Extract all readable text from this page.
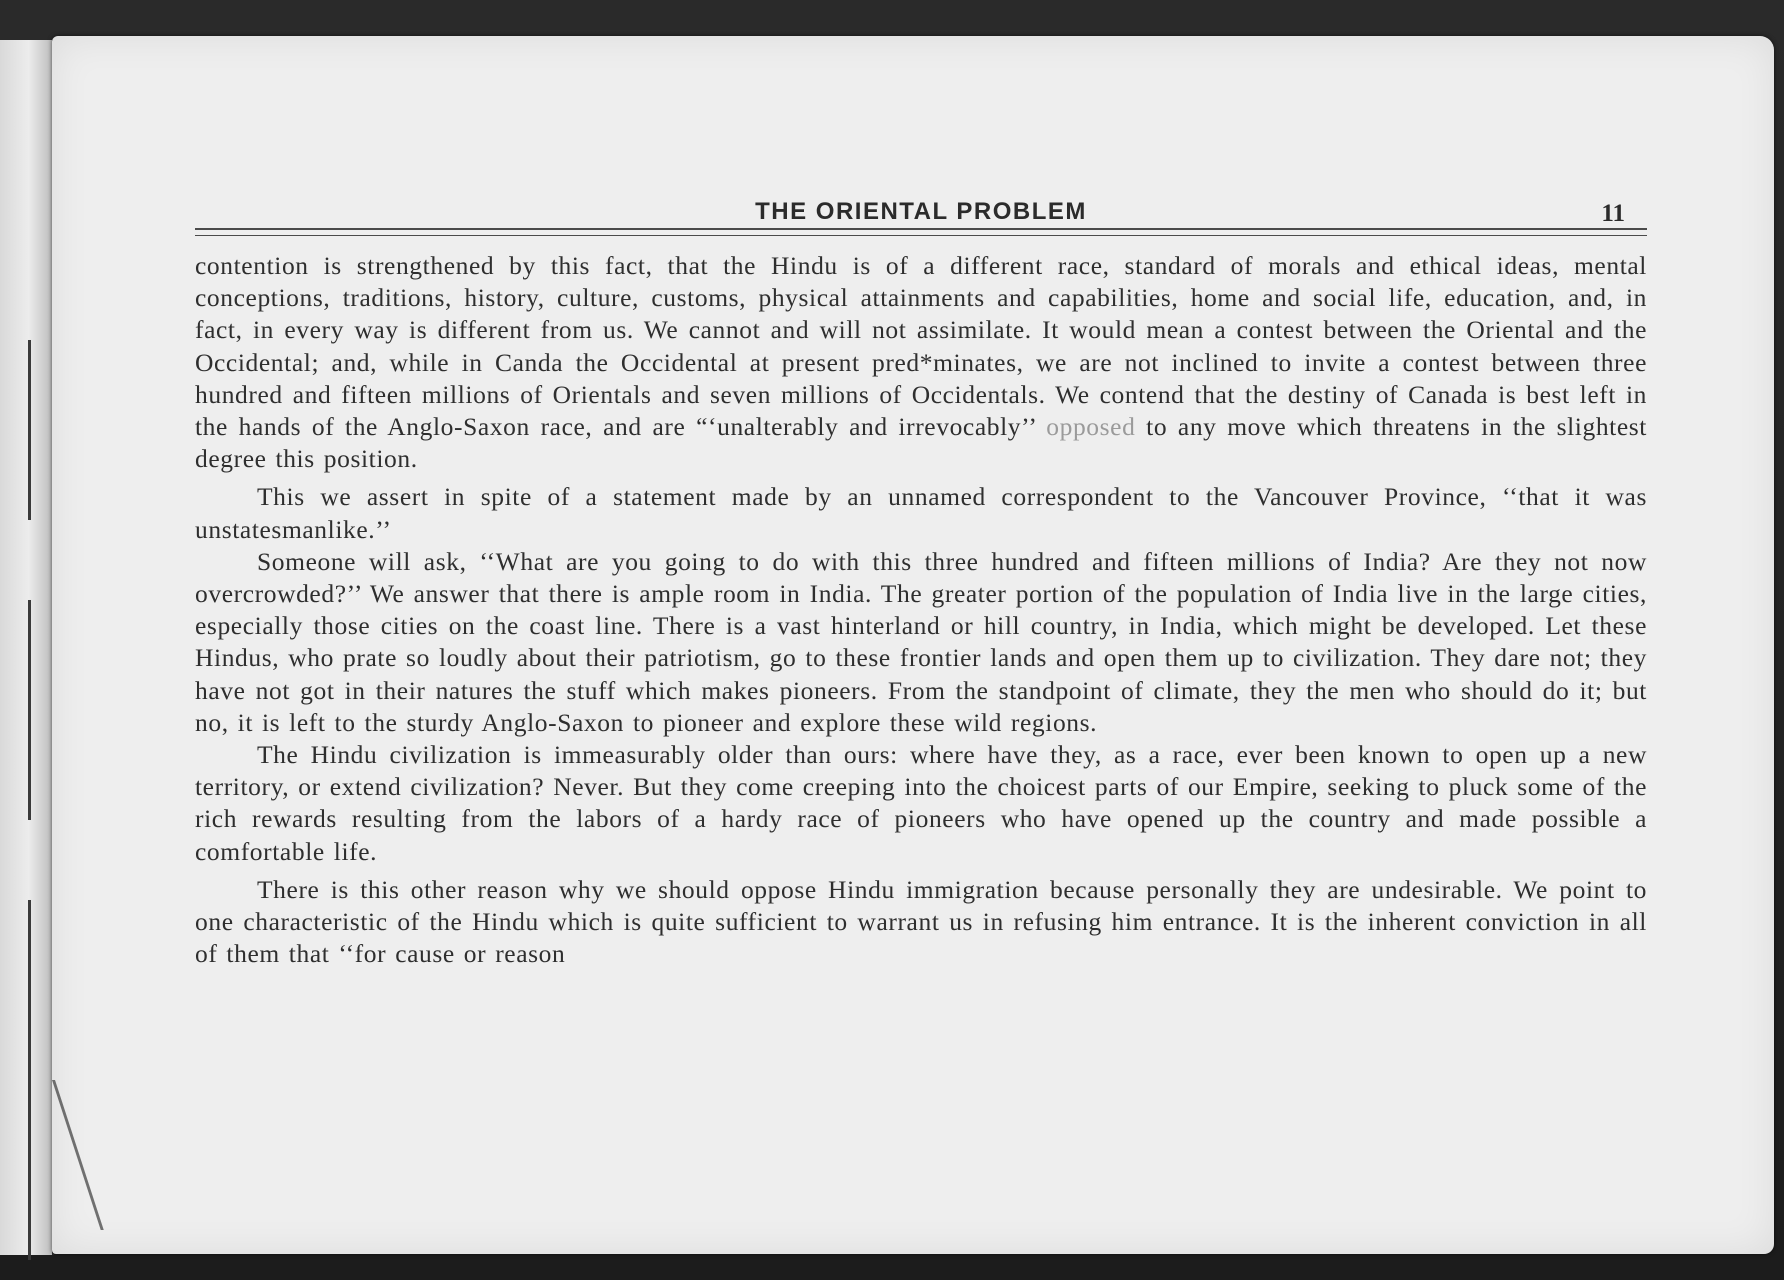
THE ORIENTAL PROBLEM	11

contention is strengthened by this fact, that the Hindu is of a different race, standard of morals and ethical ideas, mental conceptions, traditions, history, culture, customs, physical attainments and capabilities, home and social life, education, and, in fact, in every way is different from us. We cannot and will not assimilate. It would mean a contest between the Oriental and the Occidental; and, while in Canda the Occidental at present pred*minates, we are not inclined to invite a contest between three hundred and fifteen millions of Orientals and seven millions of Occidentals. We contend that the destiny of Canada is best left in the hands of the Anglo-Saxon race, and are “‘unalterably and irrevocably’’ opposed to any move which threatens in the slightest degree this position.

This we assert in spite of a statement made by an unnamed correspondent to the Vancouver Province, ‘‘that it was unstatesmanlike.’’

Someone will ask, ‘‘What are you going to do with this three hundred and fifteen millions of India? Are they not now overcrowded?’’ We answer that there is ample room in India. The greater portion of the population of India live in the large cities, especially those cities on the coast line. There is a vast hinterland or hill country, in India, which might be developed. Let these Hindus, who prate so loudly about their patriotism, go to these frontier lands and open them up to civilization. They dare not; they have not got in their natures the stuff which makes pioneers. From the standpoint of climate, they the men who should do it; but no, it is left to the sturdy Anglo-Saxon to pioneer and explore these wild regions.

The Hindu civilization is immeasurably older than ours: where have they, as a race, ever been known to open up a new territory, or extend civilization? Never. But they come creeping into the choicest parts of our Empire, seeking to pluck some of the rich rewards resulting from the labors of a hardy race of pioneers who have opened up the country and made possible a comfortable life.

There is this other reason why we should oppose Hindu immigration because personally they are undesirable. We point to one characteristic of the Hindu which is quite sufficient to warrant us in refusing him entrance. It is the inherent conviction in all of them that ‘‘for cause or reason
